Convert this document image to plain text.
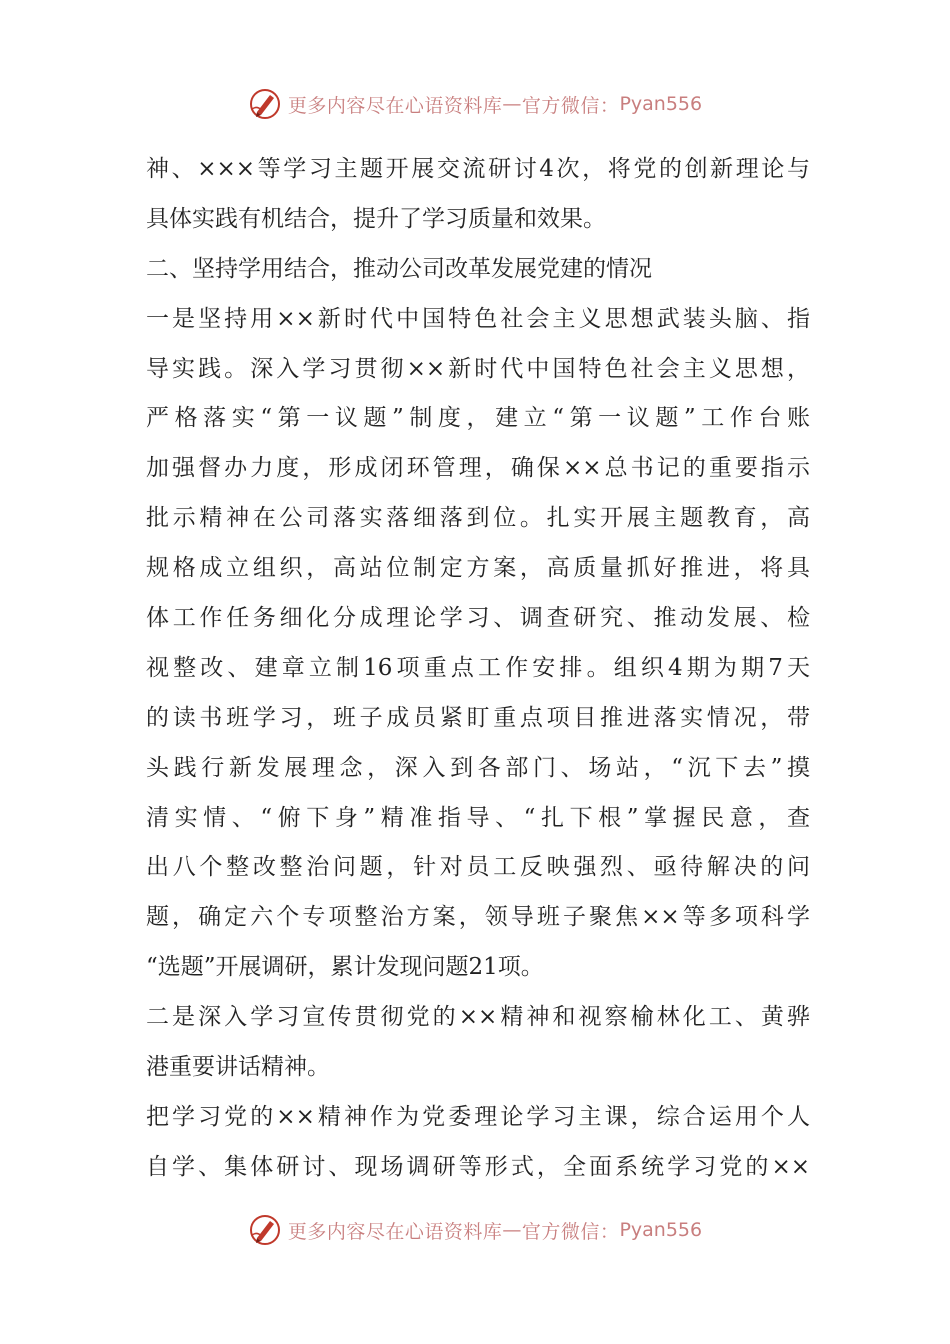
更多内容尽在心语资料库 — 官方微信： Pyan556
神、×××等学习主题开展交流研讨4次，将党的创新理论与
具体实践有机结合，提升了学习质量和效果。
二、坚持学用结合，推动公司改革发展党建的情况
一是坚持用××新时代中国特色社会主义思想武装头脑、指
导实践。深入学习贯彻××新时代中国特色社会主义思想，
严格落实“第一议题”制度，建立“第一议题”工作台账
加强督办力度，形成闭环管理，确保××总书记的重要指示
批示精神在公司落实落细落到位。扎实开展主题教育，高
规格成立组织，高站位制定方案，高质量抓好推进，将具
体工作任务细化分成理论学习、调查研究、推动发展、检
视整改、建章立制16项重点工作安排。组织4期为期7天
的读书班学习，班子成员紧盯重点项目推进落实情况，带
头践行新发展理念，深入到各部门、场站，“沉下去”摸
清实情、“俯下身”精准指导、“扎下根”掌握民意，查
出八个整改整治问题，针对员工反映强烈、亟待解决的问
题，确定六个专项整治方案，领导班子聚焦××等多项科学
“选题”开展调研，累计发现问题21项。
二是深入学习宣传贯彻党的××精神和视察榆林化工、黄骅
港重要讲话精神。
把学习党的××精神作为党委理论学习主课，综合运用个人
自学、集体研讨、现场调研等形式，全面系统学习党的××
更多内容尽在心语资料库 — 官方微信： Pyan556
